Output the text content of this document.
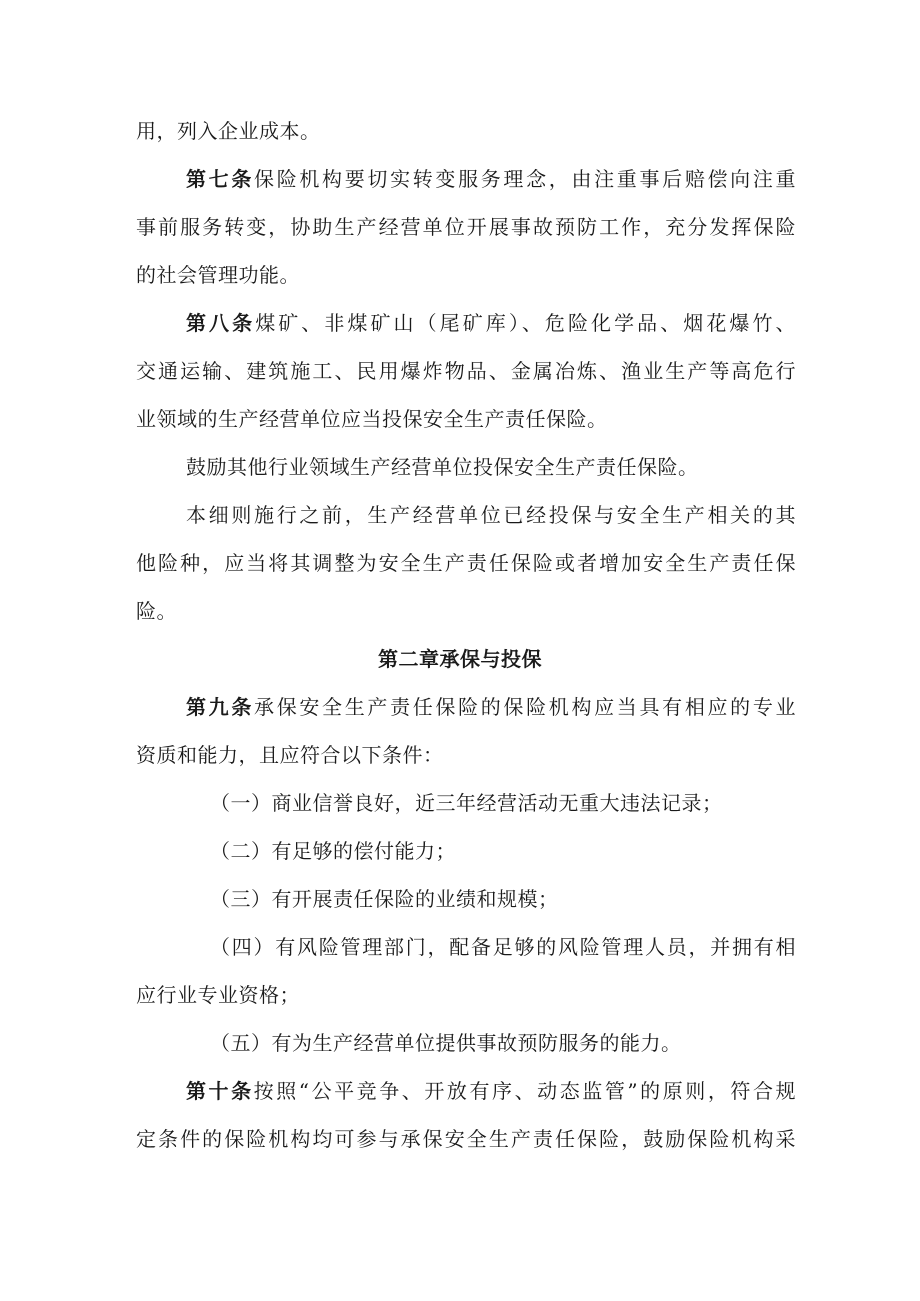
用，列入企业成本。
第七条保险机构要切实转变服务理念，由注重事后赔偿向注重
事前服务转变，协助生产经营单位开展事故预防工作，充分发挥保险
的社会管理功能。
第八条煤矿、非煤矿山（尾矿库）、危险化学品、烟花爆竹、
交通运输、建筑施工、民用爆炸物品、金属冶炼、渔业生产等高危行
业领域的生产经营单位应当投保安全生产责任保险。
鼓励其他行业领域生产经营单位投保安全生产责任保险。
本细则施行之前，生产经营单位已经投保与安全生产相关的其
他险种，应当将其调整为安全生产责任保险或者增加安全生产责任保
险。
第二章承保与投保
第九条承保安全生产责任保险的保险机构应当具有相应的专业
资质和能力，且应符合以下条件：
（一）商业信誉良好，近三年经营活动无重大违法记录；
（二）有足够的偿付能力；
（三）有开展责任保险的业绩和规模；
（四）有风险管理部门，配备足够的风险管理人员，并拥有相
应行业专业资格；
（五）有为生产经营单位提供事故预防服务的能力。
第十条按照“公平竞争、开放有序、动态监管”的原则，符合规
定条件的保险机构均可参与承保安全生产责任保险，鼓励保险机构采
